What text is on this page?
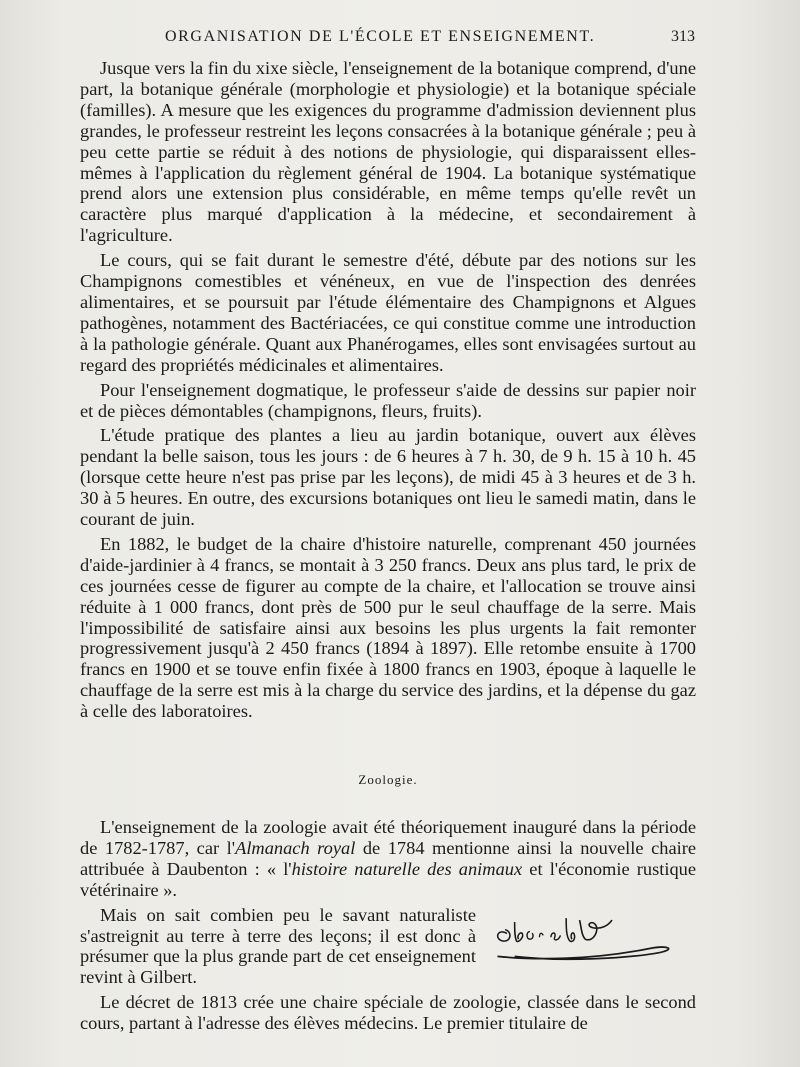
ORGANISATION DE L'ÉCOLE ET ENSEIGNEMENT.	313

Jusque vers la fin du xixe siècle, l'enseignement de la botanique comprend, d'une part, la botanique générale (morphologie et physiologie) et la botanique spéciale (familles). A mesure que les exigences du programme d'admission deviennent plus grandes, le professeur restreint les leçons consacrées à la botanique générale ; peu à peu cette partie se réduit à des notions de physiologie, qui disparaissent elles-mêmes à l'application du règlement général de 1904. La botanique systématique prend alors une extension plus considérable, en même temps qu'elle revêt un caractère plus marqué d'application à la médecine, et secondairement à l'agriculture.

Le cours, qui se fait durant le semestre d'été, débute par des notions sur les Champignons comestibles et vénéneux, en vue de l'inspection des denrées alimentaires, et se poursuit par l'étude élémentaire des Champignons et Algues pathogènes, notamment des Bactériacées, ce qui constitue comme une introduction à la pathologie générale. Quant aux Phanérogames, elles sont envisagées surtout au regard des propriétés médicinales et alimentaires.

Pour l'enseignement dogmatique, le professeur s'aide de dessins sur papier noir et de pièces démontables (champignons, fleurs, fruits).

L'étude pratique des plantes a lieu au jardin botanique, ouvert aux élèves pendant la belle saison, tous les jours : de 6 heures à 7 h. 30, de 9 h. 15 à 10 h. 45 (lorsque cette heure n'est pas prise par les leçons), de midi 45 à 3 heures et de 3 h. 30 à 5 heures. En outre, des excursions botaniques ont lieu le samedi matin, dans le courant de juin.

En 1882, le budget de la chaire d'histoire naturelle, comprenant 450 journées d'aide-jardinier à 4 francs, se montait à 3 250 francs. Deux ans plus tard, le prix de ces journées cesse de figurer au compte de la chaire, et l'allocation se trouve ainsi réduite à 1 000 francs, dont près de 500 pur le seul chauffage de la serre. Mais l'impossibilité de satisfaire ainsi aux besoins les plus urgents la fait remonter progressivement jusqu'à 2 450 francs (1894 à 1897). Elle retombe ensuite à 1700 francs en 1900 et se touve enfin fixée à 1800 francs en 1903, époque à laquelle le chauffage de la serre est mis à la charge du service des jardins, et la dépense du gaz à celle des laboratoires.

Zoologie.

L'enseignement de la zoologie avait été théoriquement inauguré dans la période de 1782-1787, car l'Almanach royal de 1784 mentionne ainsi la nouvelle chaire attribuée à Daubenton : « l'histoire naturelle des animaux et l'économie rustique vétérinaire ».

Mais on sait combien peu le savant naturaliste s'astreignit au terre à terre des leçons; il est donc à présumer que la plus grande part de cet enseignement revint à Gilbert.

Le décret de 1813 crée une chaire spéciale de zoologie, classée dans le second cours, partant à l'adresse des élèves médecins. Le premier titulaire de
